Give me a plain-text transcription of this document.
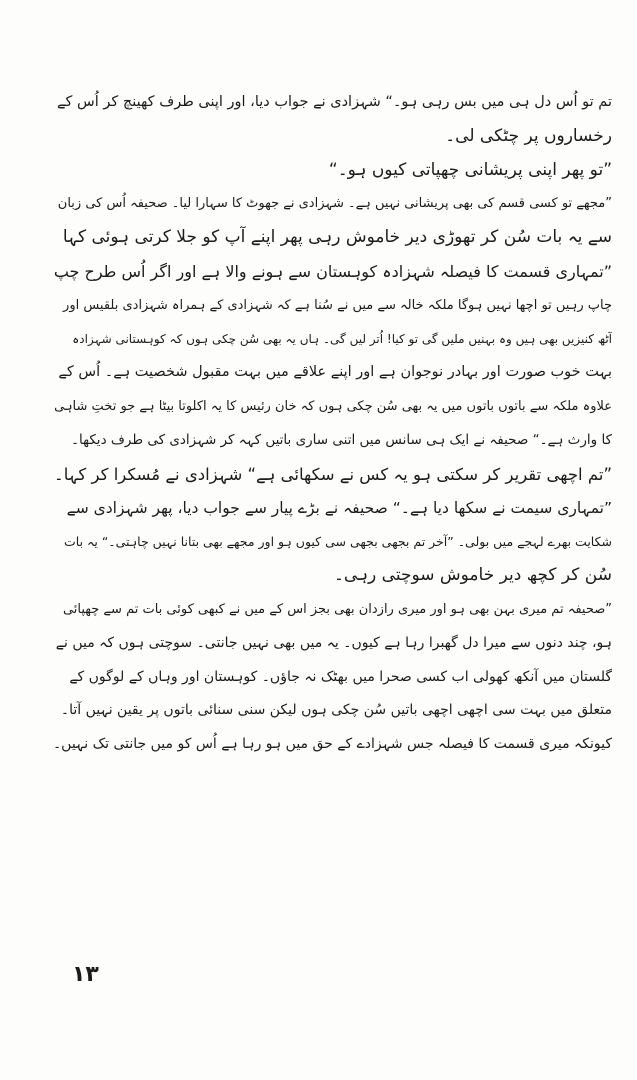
تم تو اُس دل ہی میں بس رہی ہو۔“ شہزادی نے جواب دیا، اور اپنی طرف کھینچ کر اُس کے
رخساروں پر چٹکی لی۔
”تو پھر اپنی پریشانی چھپاتی کیوں ہو۔“
”مجھے تو کسی قسم کی بھی پریشانی نہیں ہے۔ شہزادی نے جھوٹ کا سہارا لیا۔ صحیفہ اُس کی زبان
سے یہ بات سُن کر تھوڑی دیر خاموش رہی پھر اپنے آپ کو جلا کرتی ہوئی کہا
”تمہاری قسمت کا فیصلہ شہزادہ کوہستان سے ہونے والا ہے اور اگر اُس طرح چپ
چاپ رہیں تو اچھا نہیں ہوگا ملکہ خالہ سے میں نے سُنا ہے کہ شہزادی کے ہمراہ شہزادی بلقیس اور
آٹھ کنیزیں بھی ہیں وہ بہنیں ملیں گی تو کیا! اُتر لیں گی۔ ہاں یہ بھی سُن چکی ہوں کہ کوہستانی شہزادہ
بہت خوب صورت اور بہادر نوجوان ہے اور اپنے علاقے میں بہت مقبول شخصیت ہے۔ اُس کے
علاوہ ملکہ سے باتوں باتوں میں یہ بھی سُن چکی ہوں کہ خان رئیس کا یہ اکلوتا بیٹا ہے جو تختِ شاہی
کا وارث ہے۔“ صحیفہ نے ایک ہی سانس میں اتنی ساری باتیں کہہ کر شہزادی کی طرف دیکھا۔
”تم اچھی تقریر کر سکتی ہو یہ کس نے سکھائی ہے“ شہزادی نے مُسکرا کر کہا۔
”تمہاری سیمت نے سکھا دیا ہے۔“ صحیفہ نے بڑے پیار سے جواب دیا، پھر شہزادی سے
شکایت بھرے لہجے میں بولی۔ ”آخر تم بجھی بجھی سی کیوں ہو اور مجھے بھی بتانا نہیں چاہتی۔“ یہ بات
سُن کر کچھ دیر خاموش سوچتی رہی۔
”صحیفہ تم میری بہن بھی ہو اور میری رازدان بھی بجز اس کے میں نے کبھی کوئی بات تم سے چھپائی
ہو، چند دنوں سے میرا دل گھبرا رہا ہے کیوں۔ یہ میں بھی نہیں جانتی۔ سوچتی ہوں کہ میں نے
گلستان میں آنکھ کھولی اب کسی صحرا میں بھٹک نہ جاؤں۔ کوہستان اور وہاں کے لوگوں کے
متعلق میں بہت سی اچھی اچھی باتیں سُن چکی ہوں لیکن سنی سنائی باتوں پر یقین نہیں آتا۔
کیونکہ میری قسمت کا فیصلہ جس شہزادے کے حق میں ہو رہا ہے اُس کو میں جانتی تک نہیں۔
١٣
